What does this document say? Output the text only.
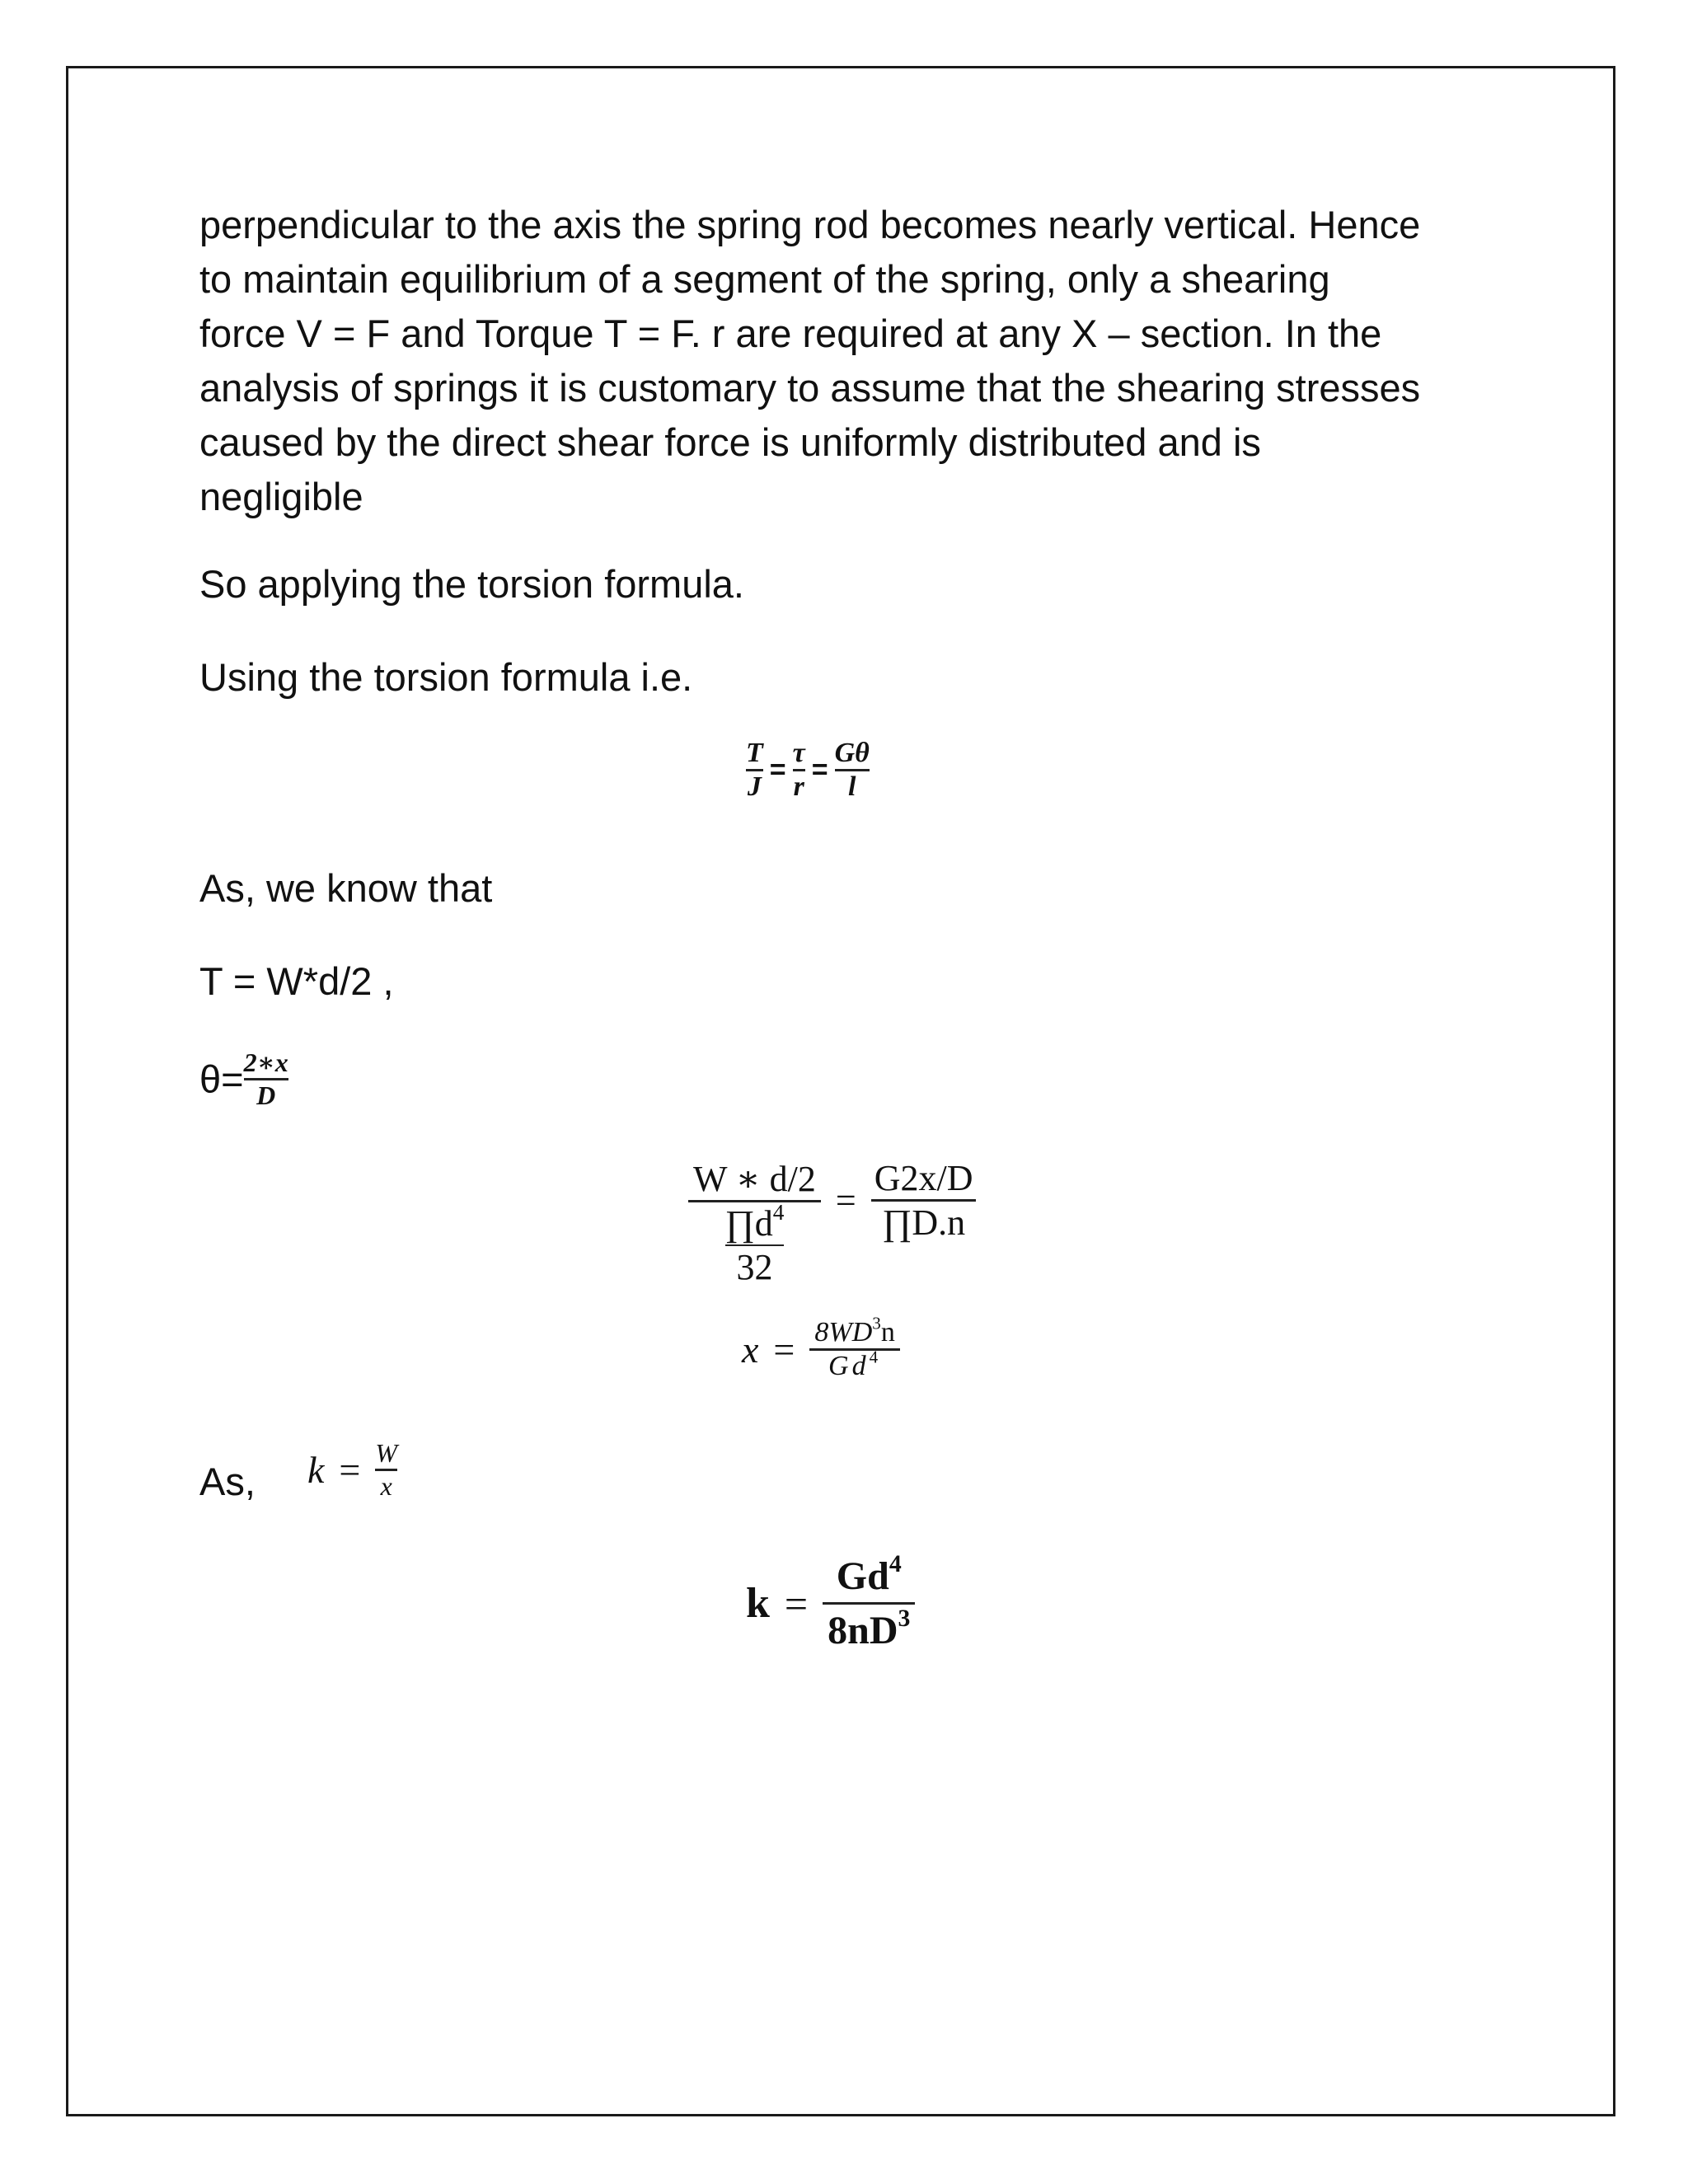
perpendicular to the axis the spring rod becomes nearly vertical. Hence
to maintain equilibrium of a segment of the spring, only a shearing
force V = F and Torque T = F. r are required at any X – section. In the
analysis of springs it is customary to assume that the shearing stresses
caused by the direct shear force is uniformly distributed and is
negligible
So applying the torsion formula.
Using the torsion formula i.e.
$\frac{T}{J} = \frac{\tau}{r} = \frac{G\theta}{l}$
As, we know that
T = W*d/2 ,
$\theta= \frac{2∗x}{D}$
$\frac{W ∗ d/2}{\frac{\prod d^4}{32}} = \frac{G2x/D}{\prod D.n}$
$x = \frac{8WD^3n}{Gd^4}$
As, $k = \frac{W}{x}$
$k = \frac{Gd^4}{8nD^3}$
